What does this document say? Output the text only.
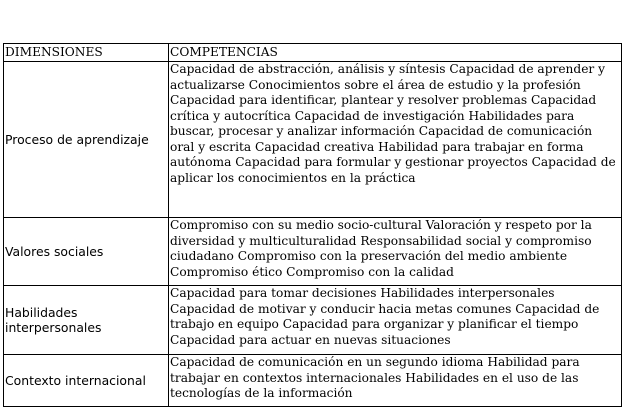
DIMENSIONES	COMPETENCIAS
Proceso de aprendizaje	Capacidad de abstracción, análisis y síntesis Capacidad de aprender y actualizarse Conocimientos sobre el área de estudio y la profesión Capacidad para identificar, plantear y resolver problemas Capacidad crítica y autocrítica Capacidad de investigación Habilidades para buscar, procesar y analizar información Capacidad de comunicación oral y escrita Capacidad creativa Habilidad para trabajar en forma autónoma Capacidad para formular y gestionar proyectos Capacidad de aplicar los conocimientos en la práctica
Valores sociales	Compromiso con su medio socio-cultural Valoración y respeto por la diversidad y multiculturalidad Responsabilidad social y compromiso ciudadano Compromiso con la preservación del medio ambiente Compromiso ético Compromiso con la calidad
Habilidades interpersonales	Capacidad para tomar decisiones Habilidades interpersonales Capacidad de motivar y conducir hacia metas comunes Capacidad de trabajo en equipo Capacidad para organizar y planificar el tiempo Capacidad para actuar en nuevas situaciones
Contexto internacional	Capacidad de comunicación en un segundo idioma Habilidad para trabajar en contextos internacionales Habilidades en el uso de las tecnologías de la información
